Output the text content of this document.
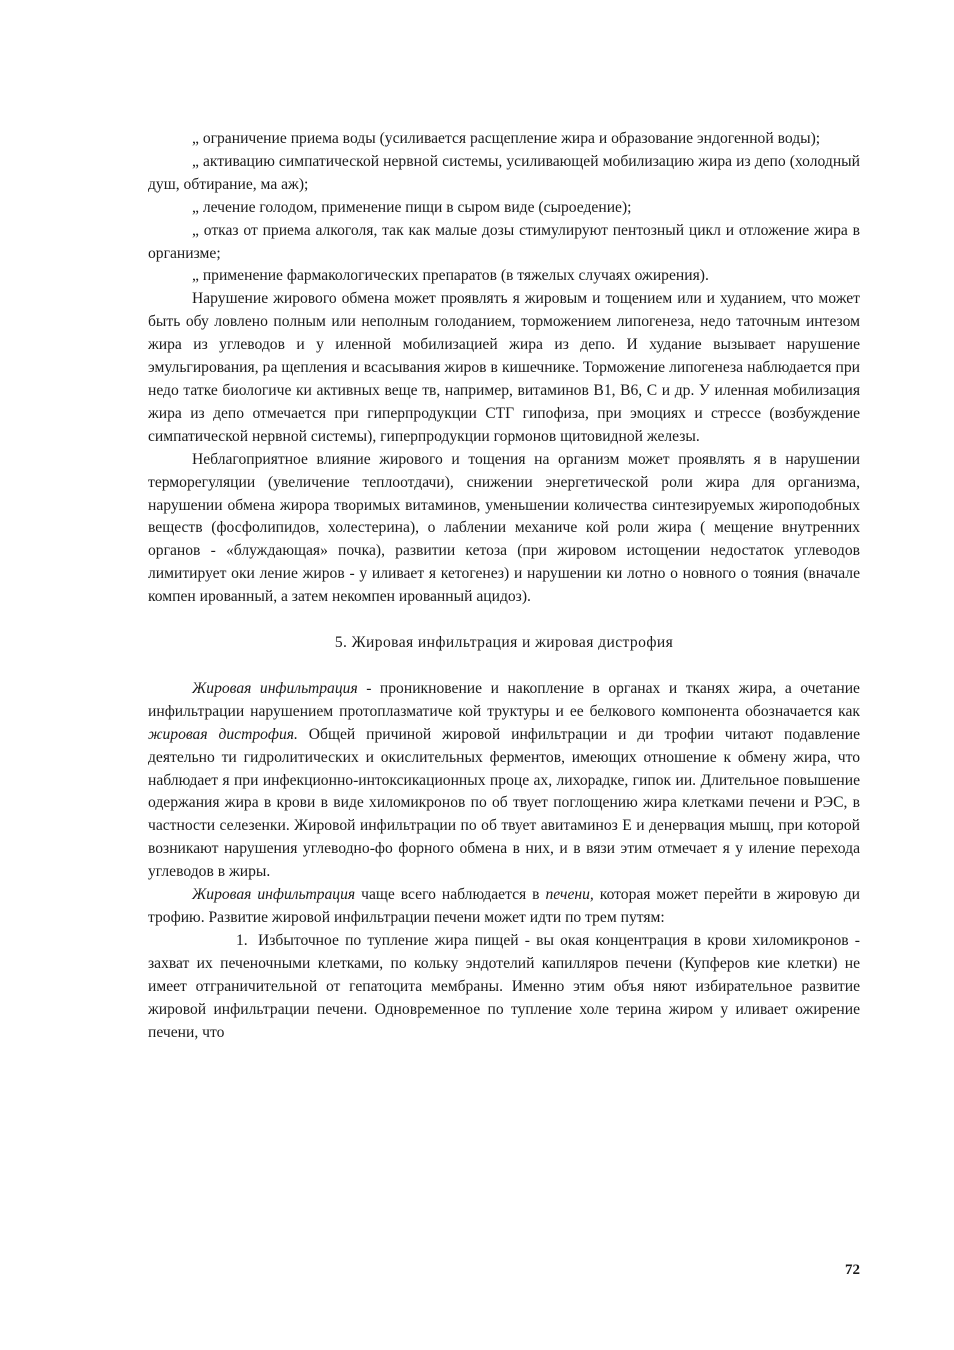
„ ограничение приема воды (усиливается расщепление жира и образование эндогенной воды);

„ активацию симпатической нервной системы, усиливающей мобилизацию жира из депо (холодный душ, обтирание, ма аж);

„ лечение голодом, применение пищи в сыром виде (сыроедение);

„ отказ от приема алкоголя, так как малые дозы стимулируют пентозный цикл и отложение жира в организме;

„ применение фармакологических препаратов (в тяжелых случаях ожирения).

Нарушение жирового обмена может проявлять я жировым и тощением или и худанием, что может быть обу ловлено полным или неполным голоданием, торможением липогенеза, недо таточным интезом жира из углеводов и у иленной мобилизацией жира из депо. И худание вызывает нарушение эмульгирования, ра щепления и всасывания жиров в кишечнике. Торможение липогенеза наблюдается при недо татке биологиче ки активных веще тв, например, витаминов В1, В6, С и др. У иленная мобилизация жира из депо отмечается при гиперпродукции СТГ гипофиза, при эмоциях и стрессе (возбуждение симпатической нервной системы), гиперпродукции гормонов щитовидной железы.

Неблагоприятное влияние жирового и тощения на организм может проявлять я в нарушении терморегуляции (увеличение теплоотдачи), снижении энергетической роли жира для организма, нарушении обмена жирора творимых витаминов, уменьшении количества синтезируемых жироподобных веществ (фосфолипидов, холестерина), о лаблении механиче кой роли жира ( мещение внутренних органов - «блуждающая» почка), развитии кетоза (при жировом истощении недостаток углеводов лимитирует оки ление жиров - у иливает я кетогенез) и нарушении ки лотно о новного о тояния (вначале компен ированный, а затем некомпен ированный ацидоз).

5. Жировая инфильтрация и жировая дистрофия

Жировая инфильтрация - проникновение и накопление в органах и тканях жира, а очетание инфильтрации нарушением протоплазматиче кой труктуры и ее белкового компонента обозначается как жировая дистрофия. Общей причиной жировой инфильтрации и ди трофии читают подавление деятельно ти гидролитических и окислительных ферментов, имеющих отношение к обмену жира, что наблюдает я при инфекционно-интоксикационных проце ах, лихорадке, гипок ии. Длительное повышение одержания жира в крови в виде хиломикронов по об твует поглощению жира клетками печени и РЭС, в частности селезенки. Жировой инфильтрации по об твует авитаминоз Е и денервация мышц, при которой возникают нарушения углеводно-фо форного обмена в них, и в вязи этим отмечает я у иление перехода углеводов в жиры.

Жировая инфильтрация чаще всего наблюдается в печени, которая может перейти в жировую ди трофию. Развитие жировой инфильтрации печени может идти по трем путям:

1. Избыточное по тупление жира пищей - вы окая концентрация в крови хиломикронов - захват их печеночными клетками, по кольку эндотелий капилляров печени (Купферов кие клетки) не имеет отграничительной от гепатоцита мембраны. Именно этим объя няют избирательное развитие жировой инфильтрации печени. Одновременное по тупление холе терина жиром у иливает ожирение печени, что

72
